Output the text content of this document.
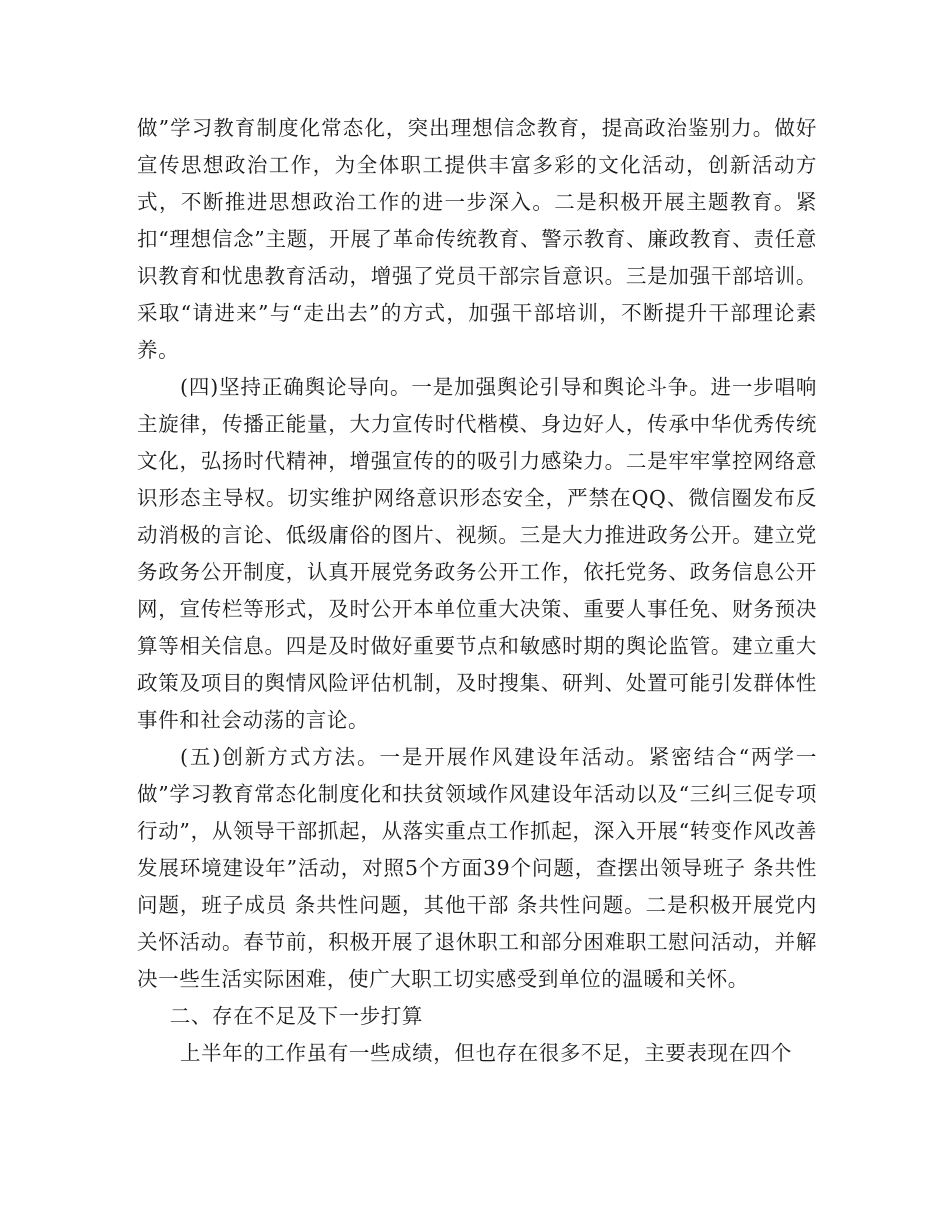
做”学习教育制度化常态化，突出理想信念教育，提高政治鉴别力。做好宣传思想政治工作，为全体职工提供丰富多彩的文化活动，创新活动方式，不断推进思想政治工作的进一步深入。二是积极开展主题教育。紧扣“理想信念”主题，开展了革命传统教育、警示教育、廉政教育、责任意识教育和忧患教育活动，增强了党员干部宗旨意识。三是加强干部培训。采取“请进来”与“走出去”的方式，加强干部培训，不断提升干部理论素养。

(四)坚持正确舆论导向。一是加强舆论引导和舆论斗争。进一步唱响主旋律，传播正能量，大力宣传时代楷模、身边好人，传承中华优秀传统文化，弘扬时代精神，增强宣传的的吸引力感染力。二是牢牢掌控网络意识形态主导权。切实维护网络意识形态安全，严禁在QQ、微信圈发布反动消极的言论、低级庸俗的图片、视频。三是大力推进政务公开。建立党务政务公开制度，认真开展党务政务公开工作，依托党务、政务信息公开网，宣传栏等形式，及时公开本单位重大决策、重要人事任免、财务预决算等相关信息。四是及时做好重要节点和敏感时期的舆论监管。建立重大政策及项目的舆情风险评估机制，及时搜集、研判、处置可能引发群体性事件和社会动荡的言论。

(五)创新方式方法。一是开展作风建设年活动。紧密结合“两学一做”学习教育常态化制度化和扶贫领域作风建设年活动以及“三纠三促专项行动”，从领导干部抓起，从落实重点工作抓起，深入开展“转变作风改善发展环境建设年”活动，对照5个方面39个问题，查摆出领导班子 条共性问题，班子成员 条共性问题，其他干部 条共性问题。二是积极开展党内关怀活动。春节前，积极开展了退休职工和部分困难职工慰问活动，并解决一些生活实际困难，使广大职工切实感受到单位的温暖和关怀。

二、存在不足及下一步打算

上半年的工作虽有一些成绩，但也存在很多不足，主要表现在四个
